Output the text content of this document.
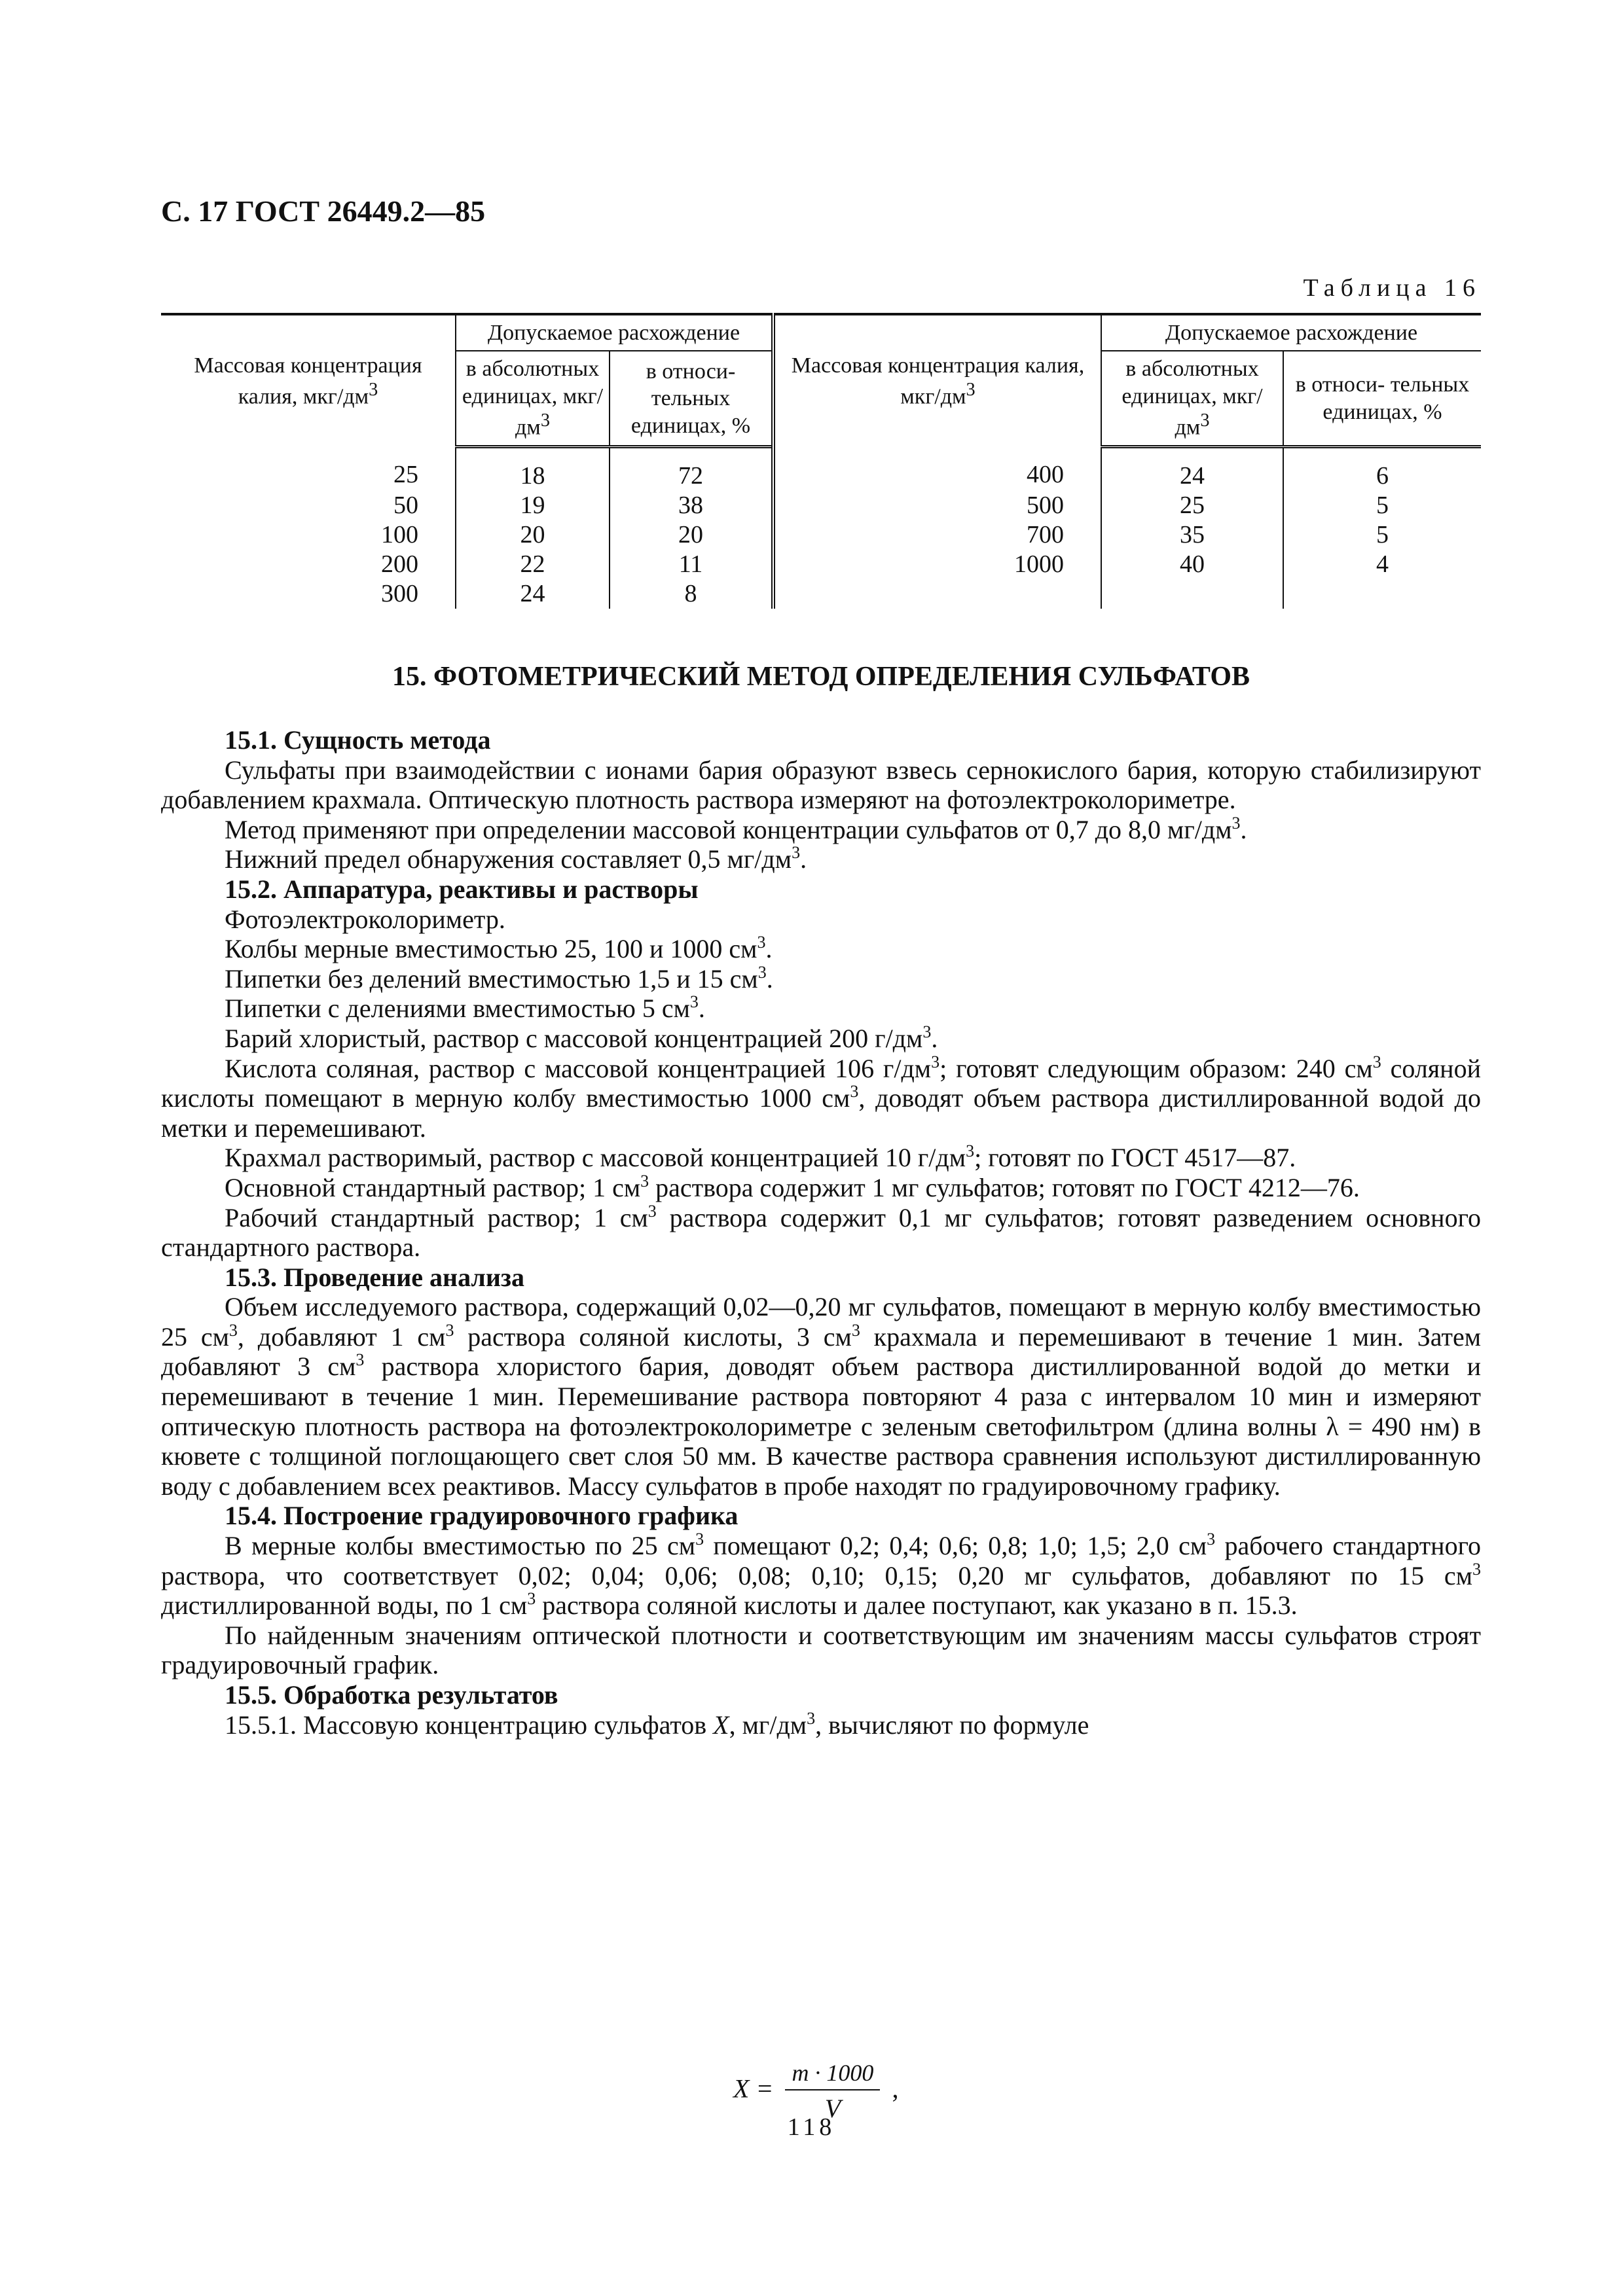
С. 17 ГОСТ 26449.2—85
Таблица 16
Массовая концентрация калия, мкг/$дм^3$	Допускаемое расхождение		Массовая концентрация калия, мкг/$дм^3$	Допускаемое расхождение	
	в абсолютных единицах, мкг/$дм^3$	в относи- тельных единицах, %		в абсолютных единицах, мкг/$дм^3$	в относи- тельных единицах, %
25	18	72	400	24	6
50	19	38	500	25	5
100	20	20	700	35	5
200	22	11	1000	40	4
300	24	8			
15. ФОТОМЕТРИЧЕСКИЙ МЕТОД ОПРЕДЕЛЕНИЯ СУЛЬФАТОВ

15.1. Сущность метода

Сульфаты при взаимодействии с ионами бария образуют взвесь сернокислого бария, которую стабилизируют добавлением крахмала. Оптическую плотность раствора измеряют на фотоэлектроколориметре.

Метод применяют при определении массовой концентрации сульфатов от 0,7 до 8,0 $мг/дм^3$.

Нижний предел обнаружения составляет 0,5 $мг/дм^3$.

15.2. Аппаратура, реактивы и растворы

Фотоэлектроколориметр.

Колбы мерные вместимостью 25, 100 и 1000 $см^3$.

Пипетки без делений вместимостью 1,5 и 15 $см^3$.

Пипетки с делениями вместимостью 5 $см^3$.

Барий хлористый, раствор с массовой концентрацией 200 $г/дм^3$.

Кислота соляная, раствор с массовой концентрацией 106 $г/дм^3$; готовят следующим образом: 240 $см^3$ соляной кислоты помещают в мерную колбу вместимостью 1000 $см^3$, доводят объем раствора дистиллированной водой до метки и перемешивают.

Крахмал растворимый, раствор с массовой концентрацией 10 $г/дм^3$; готовят по ГОСТ 4517—87.

Основной стандартный раствор; 1 $см^3$ раствора содержит 1 мг сульфатов; готовят по ГОСТ 4212—76.

Рабочий стандартный раствор; 1 $см^3$ раствора содержит 0,1 мг сульфатов; готовят разведением основного стандартного раствора.

15.3. Проведение анализа

Объем исследуемого раствора, содержащий 0,02—0,20 мг сульфатов, помещают в мерную колбу вместимостью 25 $см^3$, добавляют 1 $см^3$ раствора соляной кислоты, 3 $см^3$ крахмала и перемешивают в течение 1 мин. Затем добавляют 3 $см^3$ раствора хлористого бария, доводят объем раствора дистиллированной водой до метки и перемешивают в течение 1 мин. Перемешивание раствора повторяют 4 раза с интервалом 10 мин и измеряют оптическую плотность раствора на фотоэлектроколориметре с зеленым светофильтром (длина волны λ = 490 нм) в кювете с толщиной поглощающего свет слоя 50 мм. В качестве раствора сравнения используют дистиллированную воду с добавлением всех реактивов. Массу сульфатов в пробе находят по градуировочному графику.

15.4. Построение градуировочного графика

В мерные колбы вместимостью по 25 $см^3$ помещают 0,2; 0,4; 0,6; 0,8; 1,0; 1,5; 2,0 $см^3$ рабочего стандартного раствора, что соответствует 0,02; 0,04; 0,06; 0,08; 0,10; 0,15; 0,20 мг сульфатов, добавляют по 15 $см^3$ дистиллированной воды, по 1 $см^3$ раствора соляной кислоты и далее поступают, как указано в п. 15.3.

По найденным значениям оптической плотности и соответствующим им значениям массы сульфатов строят градуировочный график.

15.5. Обработка результатов

15.5.1. Массовую концентрацию сульфатов X, $мг/дм^3$, вычисляют по формуле

$X = \frac{m \cdot 1000}{V}$ ,
118
